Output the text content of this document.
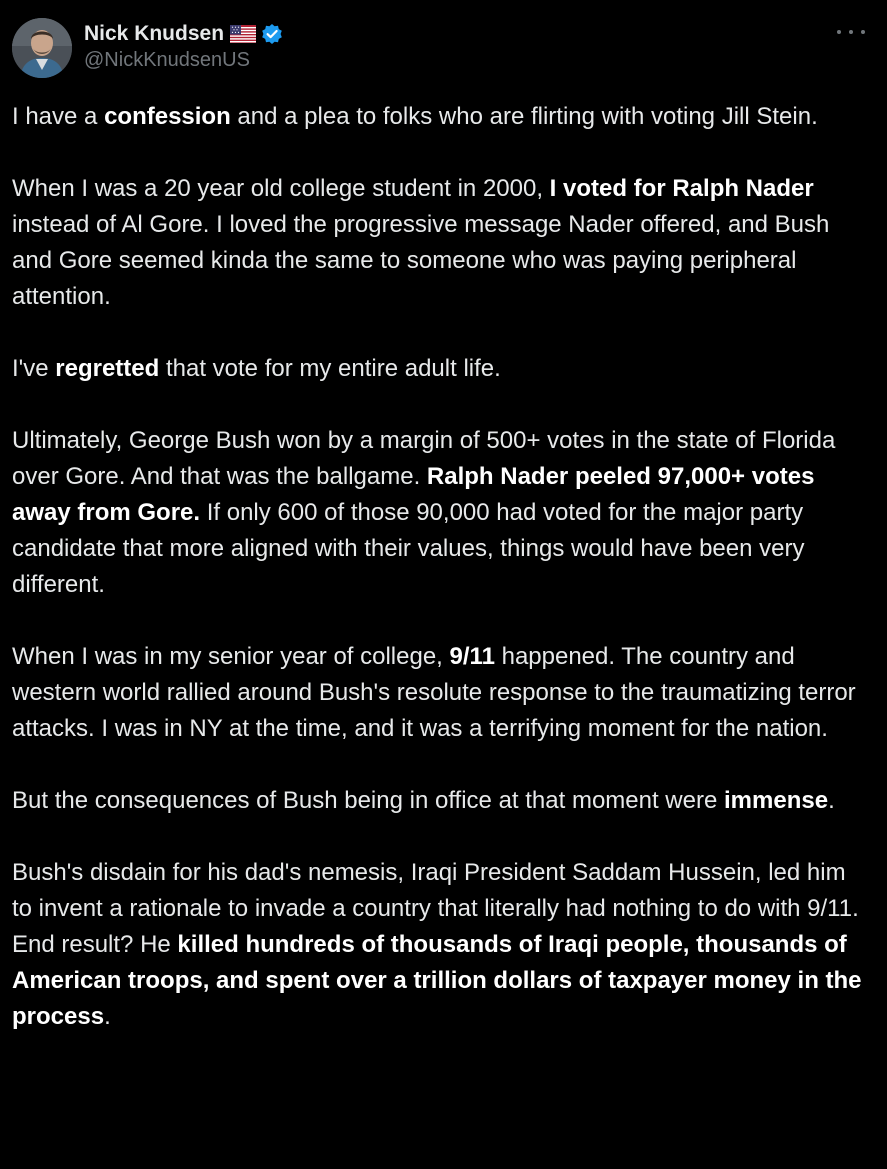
Nick Knudsen
@NickKnudsenUS

I have a confession and a plea to folks who are flirting with voting Jill Stein.

When I was a 20 year old college student in 2000, I voted for Ralph Nader instead of Al Gore. I loved the progressive message Nader offered, and Bush and Gore seemed kinda the same to someone who was paying peripheral attention.

I've regretted that vote for my entire adult life.

Ultimately, George Bush won by a margin of 500+ votes in the state of Florida over Gore. And that was the ballgame. Ralph Nader peeled 97,000+ votes away from Gore. If only 600 of those 90,000 had voted for the major party candidate that more aligned with their values, things would have been very different.

When I was in my senior year of college, 9/11 happened. The country and western world rallied around Bush's resolute response to the traumatizing terror attacks. I was in NY at the time, and it was a terrifying moment for the nation.

But the consequences of Bush being in office at that moment were immense.

Bush's disdain for his dad's nemesis, Iraqi President Saddam Hussein, led him to invent a rationale to invade a country that literally had nothing to do with 9/11. End result? He killed hundreds of thousands of Iraqi people, thousands of American troops, and spent over a trillion dollars of taxpayer money in the process.
